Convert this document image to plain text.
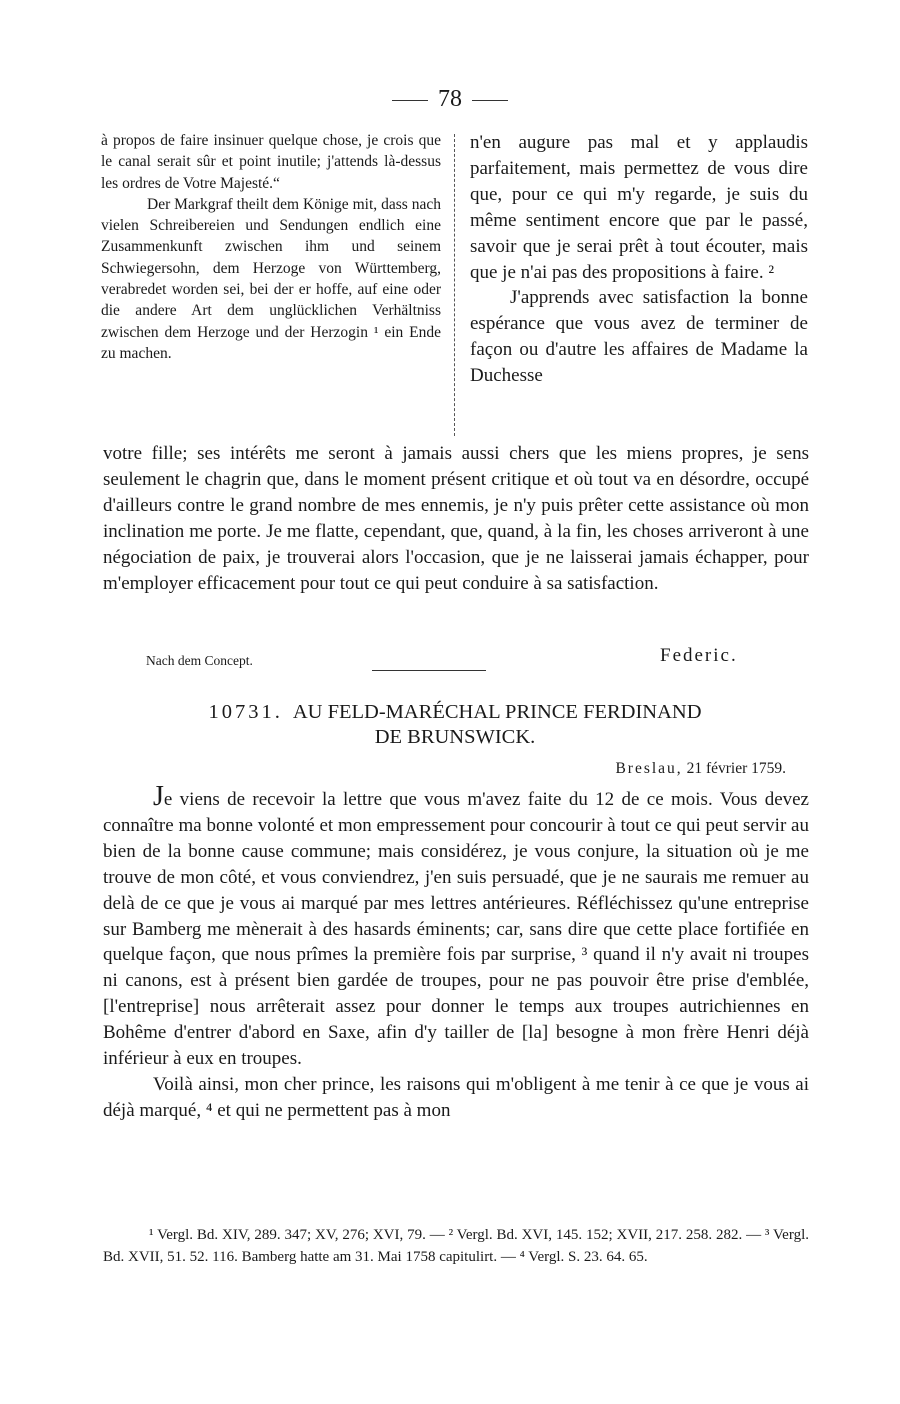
78

à propos de faire insinuer quelque chose, je crois que le canal serait sûr et point inutile; j'attends là-dessus les ordres de Votre Majesté.“

Der Markgraf theilt dem Könige mit, dass nach vielen Schreibereien und Sendungen endlich eine Zusammenkunft zwischen ihm und seinem Schwiegersohn, dem Herzoge von Württemberg, verabredet worden sei, bei der er hoffe, auf eine oder die andere Art dem unglücklichen Verhältniss zwischen dem Herzoge und der Herzogin ¹ ein Ende zu machen.

n'en augure pas mal et y applaudis parfaitement, mais permettez de vous dire que, pour ce qui m'y regarde, je suis du même sentiment encore que par le passé, savoir que je serai prêt à tout écouter, mais que je n'ai pas des propositions à faire. ²

J'apprends avec satisfaction la bonne espérance que vous avez de terminer de façon ou d'autre les affaires de Madame la Duchesse

votre fille; ses intérêts me seront à jamais aussi chers que les miens propres, je sens seulement le chagrin que, dans le moment présent critique et où tout va en désordre, occupé d'ailleurs contre le grand nombre de mes ennemis, je n'y puis prêter cette assistance où mon inclination me porte. Je me flatte, cependant, que, quand, à la fin, les choses arriveront à une négociation de paix, je trouverai alors l'occasion, que je ne laisserai jamais échapper, pour m'employer efficacement pour tout ce qui peut conduire à sa satisfaction.

Nach dem Concept.	Federic.
10731. AU FELD-MARÉCHAL PRINCE FERDINAND
DE BRUNSWICK.
Breslau, 21 février 1759.

Je viens de recevoir la lettre que vous m'avez faite du 12 de ce mois. Vous devez connaître ma bonne volonté et mon empressement pour concourir à tout ce qui peut servir au bien de la bonne cause commune; mais considérez, je vous conjure, la situation où je me trouve de mon côté, et vous conviendrez, j'en suis persuadé, que je ne saurais me remuer au delà de ce que je vous ai marqué par mes lettres antérieures. Réfléchissez qu'une entreprise sur Bamberg me mènerait à des hasards éminents; car, sans dire que cette place fortifiée en quelque façon, que nous prîmes la première fois par surprise, ³ quand il n'y avait ni troupes ni canons, est à présent bien gardée de troupes, pour ne pas pouvoir être prise d'emblée, [l'entreprise] nous arrêterait assez pour donner le temps aux troupes autrichiennes en Bohême d'entrer d'abord en Saxe, afin d'y tailler de [la] besogne à mon frère Henri déjà inférieur à eux en troupes.

Voilà ainsi, mon cher prince, les raisons qui m'obligent à me tenir à ce que je vous ai déjà marqué, ⁴ et qui ne permettent pas à mon

¹ Vergl. Bd. XIV, 289. 347; XV, 276; XVI, 79. — ² Vergl. Bd. XVI, 145. 152; XVII, 217. 258. 282. — ³ Vergl. Bd. XVII, 51. 52. 116. Bamberg hatte am 31. Mai 1758 capitulirt. — ⁴ Vergl. S. 23. 64. 65.
